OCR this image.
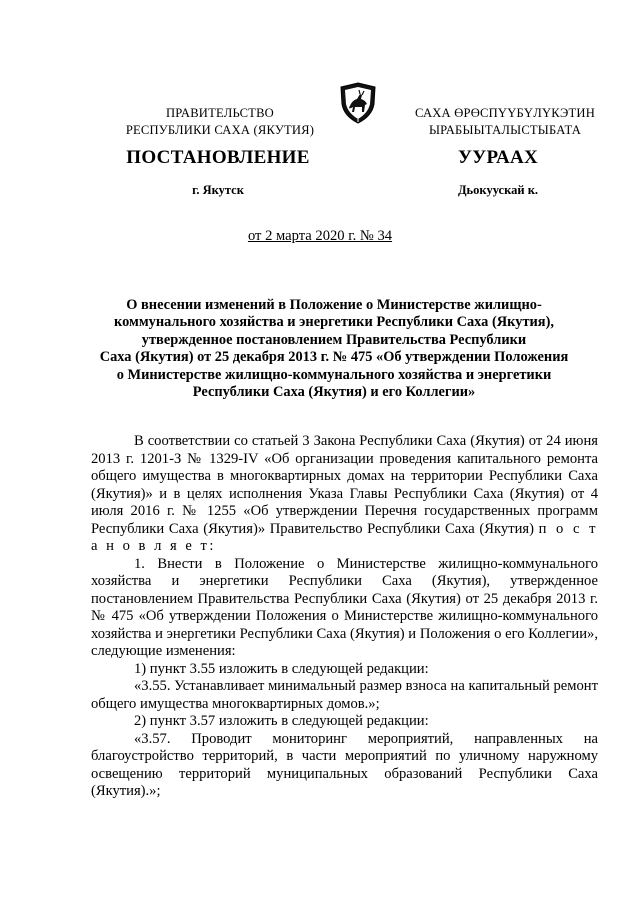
ПРАВИТЕЛЬСТВО
РЕСПУБЛИКИ САХА (ЯКУТИЯ)
САХА ӨРӨСПҮҮБҮЛҮКЭТИН
ЫРАБЫЫТАЛЫСТЫБАТА
ПОСТАНОВЛЕНИЕ	УУРААХ
г. Якутск	Дьокуускай к.
от 2 марта 2020 г. № 34
О внесении изменений в Положение о Министерстве жилищно-
коммунального хозяйства и энергетики Республики Саха (Якутия),
утвержденное постановлением Правительства Республики
Саха (Якутия) от 25 декабря 2013 г. № 475 «Об утверждении Положения
о Министерстве жилищно-коммунального хозяйства и энергетики
Республики Саха (Якутия) и его Коллегии»

В соответствии со статьей 3 Закона Республики Саха (Якутия) от 24 июня 2013 г. 1201-З № 1329-IV «Об организации проведения капитального ремонта общего имущества в многоквартирных домах на территории Республики Саха (Якутия)» и в целях исполнения Указа Главы Республики Саха (Якутия) от 4 июля 2016 г. № 1255 «Об утверждении Перечня государственных программ Республики Саха (Якутия)» Правительство Республики Саха (Якутия) п о с т а н о в л я е т:

1. Внести в Положение о Министерстве жилищно-коммунального хозяйства и энергетики Республики Саха (Якутия), утвержденное постановлением Правительства Республики Саха (Якутия) от 25 декабря 2013 г. № 475 «Об утверждении Положения о Министерстве жилищно-коммунального хозяйства и энергетики Республики Саха (Якутия) и Положения о его Коллегии», следующие изменения:

1) пункт 3.55 изложить в следующей редакции:

«3.55. Устанавливает минимальный размер взноса на капитальный ремонт общего имущества многоквартирных домов.»;

2) пункт 3.57 изложить в следующей редакции:

«3.57. Проводит мониторинг мероприятий, направленных на благоустройство территорий, в части мероприятий по уличному наружному освещению территорий муниципальных образований Республики Саха (Якутия).»;
